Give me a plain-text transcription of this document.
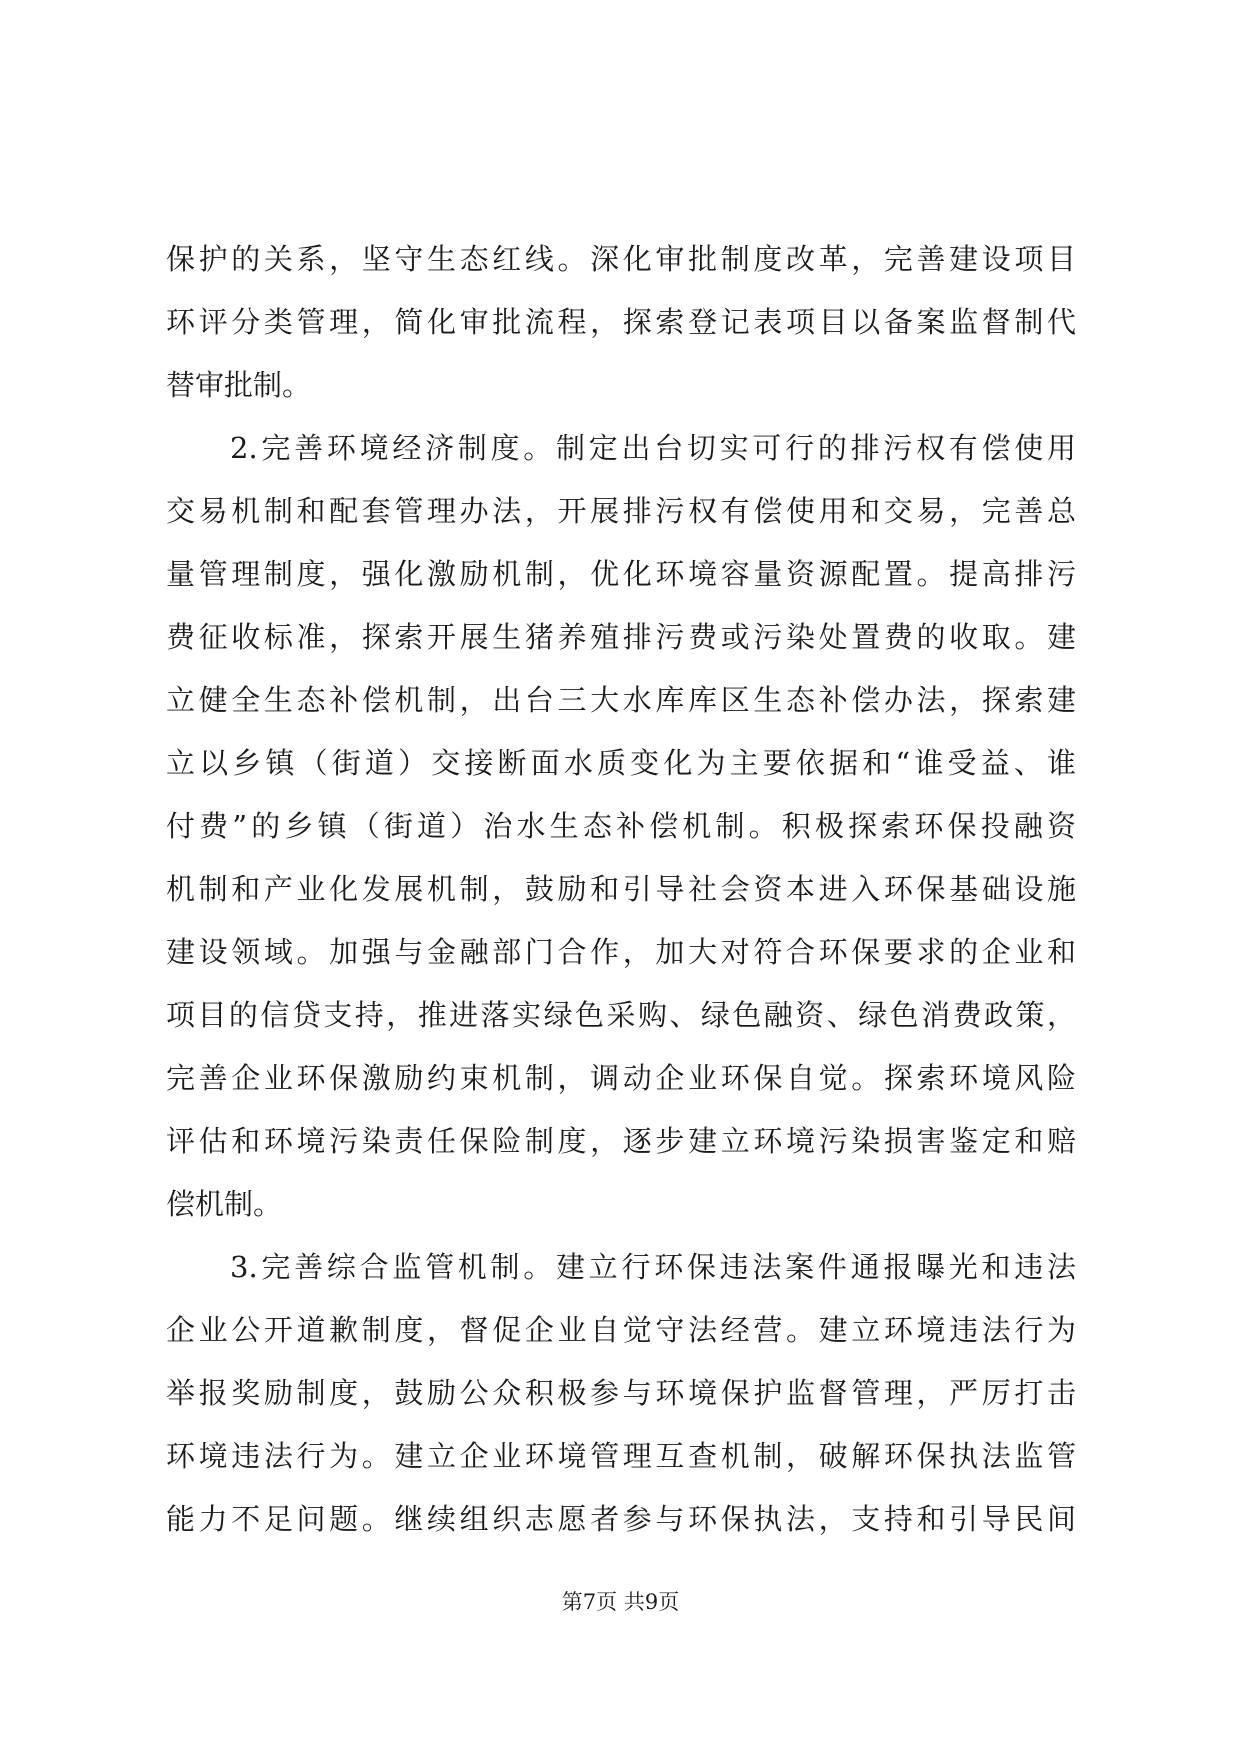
保护的关系，坚守生态红线。深化审批制度改革，完善建设项目
环评分类管理，简化审批流程，探索登记表项目以备案监督制代
替审批制。
2.完善环境经济制度。制定出台切实可行的排污权有偿使用
交易机制和配套管理办法，开展排污权有偿使用和交易，完善总
量管理制度，强化激励机制，优化环境容量资源配置。提高排污
费征收标准，探索开展生猪养殖排污费或污染处置费的收取。建
立健全生态补偿机制，出台三大水库库区生态补偿办法，探索建
立以乡镇（街道）交接断面水质变化为主要依据和“谁受益、谁
付费”的乡镇（街道）治水生态补偿机制。积极探索环保投融资
机制和产业化发展机制，鼓励和引导社会资本进入环保基础设施
建设领域。加强与金融部门合作，加大对符合环保要求的企业和
项目的信贷支持，推进落实绿色采购、绿色融资、绿色消费政策，
完善企业环保激励约束机制，调动企业环保自觉。探索环境风险
评估和环境污染责任保险制度，逐步建立环境污染损害鉴定和赔
偿机制。
3.完善综合监管机制。建立行环保违法案件通报曝光和违法
企业公开道歉制度，督促企业自觉守法经营。建立环境违法行为
举报奖励制度，鼓励公众积极参与环境保护监督管理，严厉打击
环境违法行为。建立企业环境管理互查机制，破解环保执法监管
能力不足问题。继续组织志愿者参与环保执法，支持和引导民间
第7页 共9页
